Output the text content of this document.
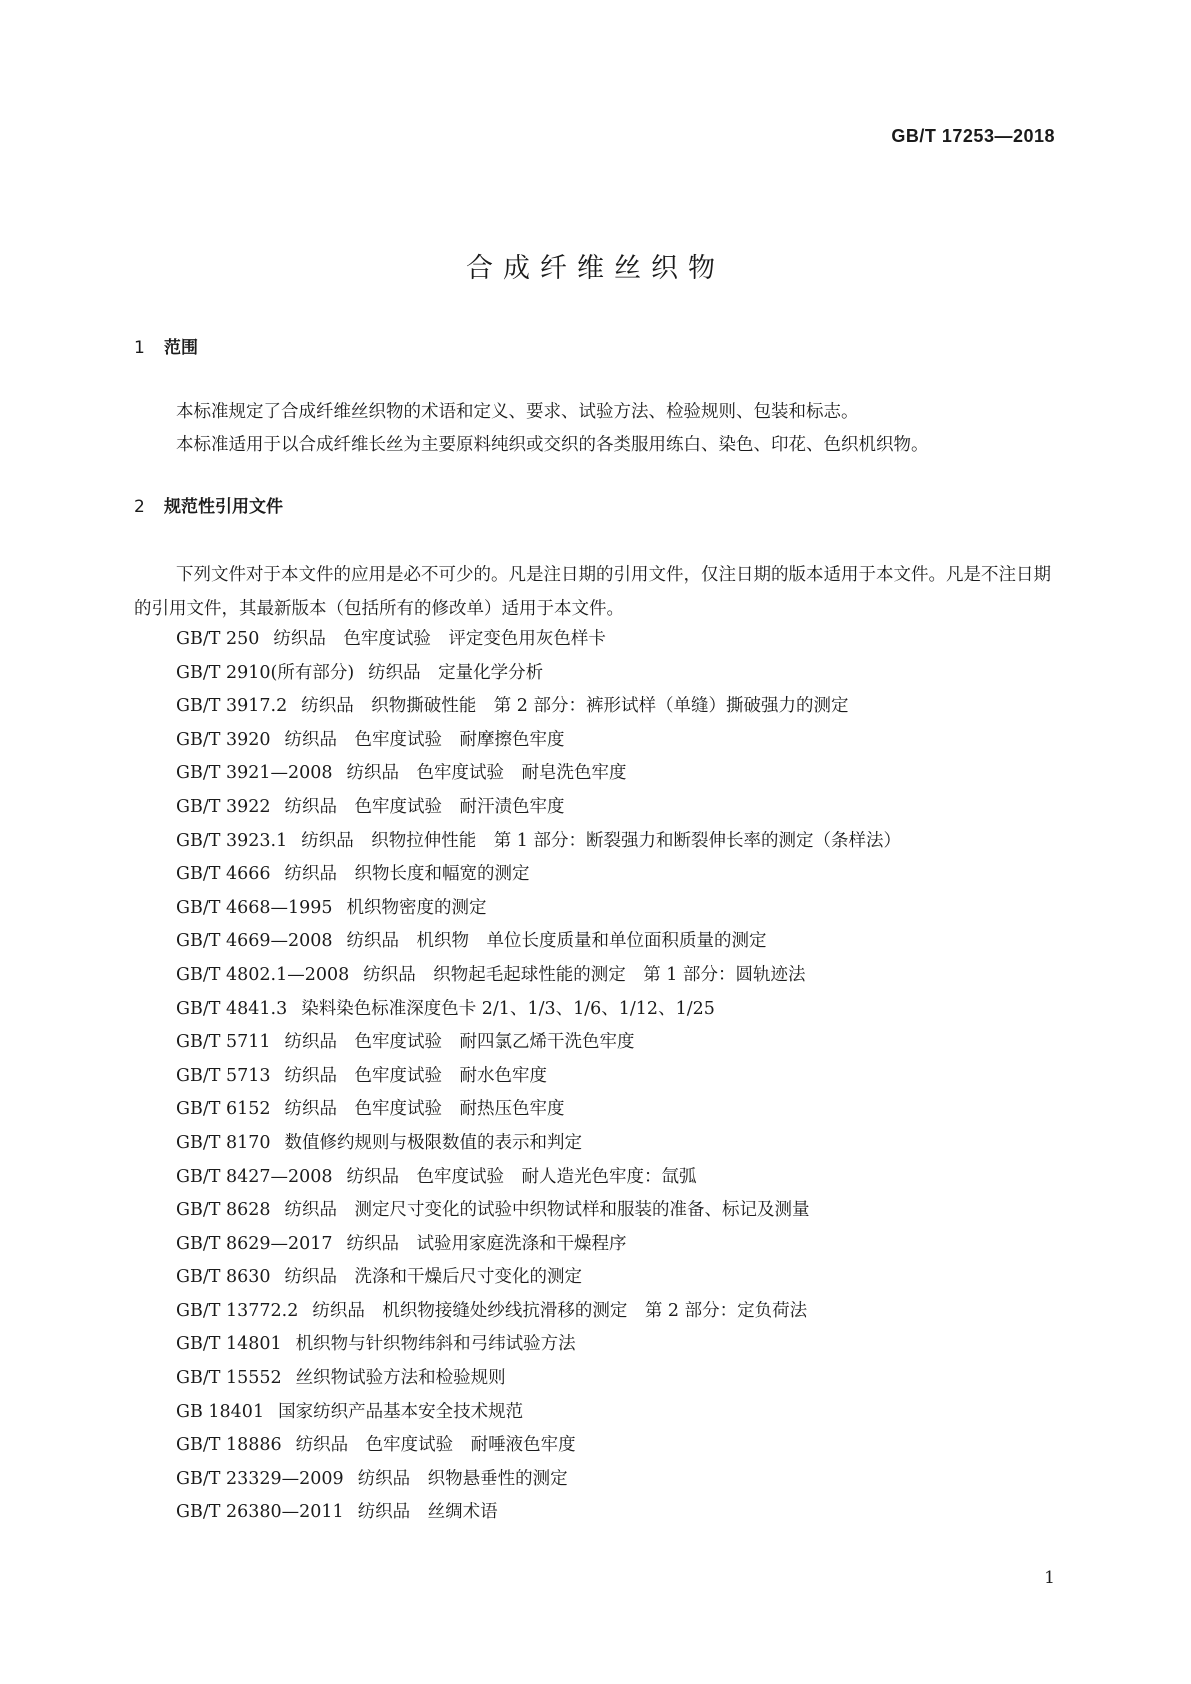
GB/T 17253—2018
合成纤维丝织物
1 范围

本标准规定了合成纤维丝织物的术语和定义、要求、试验方法、检验规则、包装和标志。

本标准适用于以合成纤维长丝为主要原料纯织或交织的各类服用练白、染色、印花、色织机织物。

2 规范性引用文件

下列文件对于本文件的应用是必不可少的。凡是注日期的引用文件，仅注日期的版本适用于本文件。凡是不注日期的引用文件，其最新版本（包括所有的修改单）适用于本文件。

GB/T 250 纺织品　色牢度试验　评定变色用灰色样卡
GB/T 2910(所有部分) 纺织品　定量化学分析
GB/T 3917.2 纺织品　织物撕破性能　第 2 部分：裤形试样（单缝）撕破强力的测定
GB/T 3920 纺织品　色牢度试验　耐摩擦色牢度
GB/T 3921—2008 纺织品　色牢度试验　耐皂洗色牢度
GB/T 3922 纺织品　色牢度试验　耐汗渍色牢度
GB/T 3923.1 纺织品　织物拉伸性能　第 1 部分：断裂强力和断裂伸长率的测定（条样法）
GB/T 4666 纺织品　织物长度和幅宽的测定
GB/T 4668—1995 机织物密度的测定
GB/T 4669—2008 纺织品　机织物　单位长度质量和单位面积质量的测定
GB/T 4802.1—2008 纺织品　织物起毛起球性能的测定　第 1 部分：圆轨迹法
GB/T 4841.3 染料染色标准深度色卡 2/1、1/3、1/6、1/12、1/25
GB/T 5711 纺织品　色牢度试验　耐四氯乙烯干洗色牢度
GB/T 5713 纺织品　色牢度试验　耐水色牢度
GB/T 6152 纺织品　色牢度试验　耐热压色牢度
GB/T 8170 数值修约规则与极限数值的表示和判定
GB/T 8427—2008 纺织品　色牢度试验　耐人造光色牢度：氙弧
GB/T 8628 纺织品　测定尺寸变化的试验中织物试样和服装的准备、标记及测量
GB/T 8629—2017 纺织品　试验用家庭洗涤和干燥程序
GB/T 8630 纺织品　洗涤和干燥后尺寸变化的测定
GB/T 13772.2 纺织品　机织物接缝处纱线抗滑移的测定　第 2 部分：定负荷法
GB/T 14801 机织物与针织物纬斜和弓纬试验方法
GB/T 15552 丝织物试验方法和检验规则
GB 18401 国家纺织产品基本安全技术规范
GB/T 18886 纺织品　色牢度试验　耐唾液色牢度
GB/T 23329—2009 纺织品　织物悬垂性的测定
GB/T 26380—2011 纺织品　丝绸术语
1
